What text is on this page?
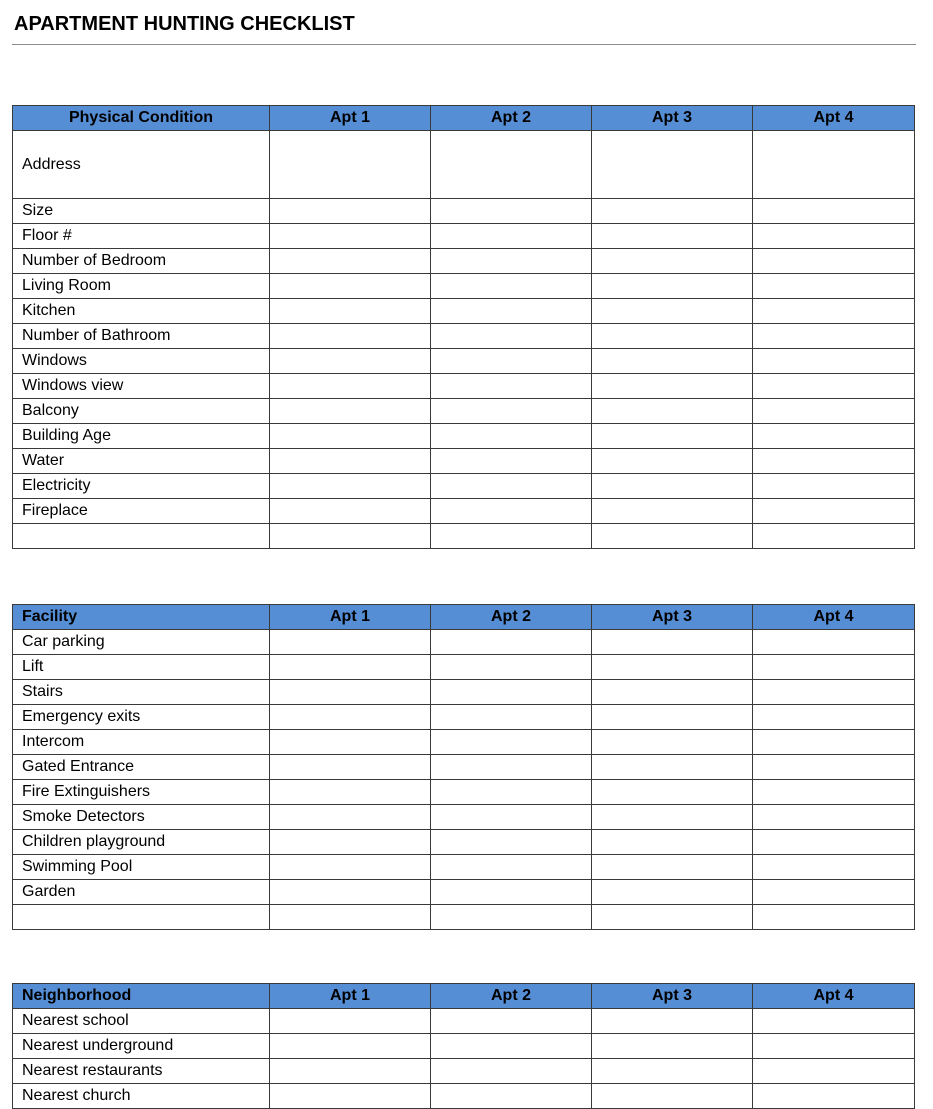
APARTMENT HUNTING CHECKLIST
Physical Condition	Apt 1	Apt 2	Apt 3	Apt 4
Address				
Size				
Floor #				
Number of Bedroom				
Living Room				
Kitchen				
Number of Bathroom				
Windows				
Windows view				
Balcony				
Building Age				
Water				
Electricity				
Fireplace				

Facility	Apt 1	Apt 2	Apt 3	Apt 4
Car parking				
Lift				
Stairs				
Emergency exits				
Intercom				
Gated Entrance				
Fire Extinguishers				
Smoke Detectors				
Children playground				
Swimming Pool				
Garden				

Neighborhood	Apt 1	Apt 2	Apt 3	Apt 4
Nearest school				
Nearest underground				
Nearest restaurants				
Nearest church				
